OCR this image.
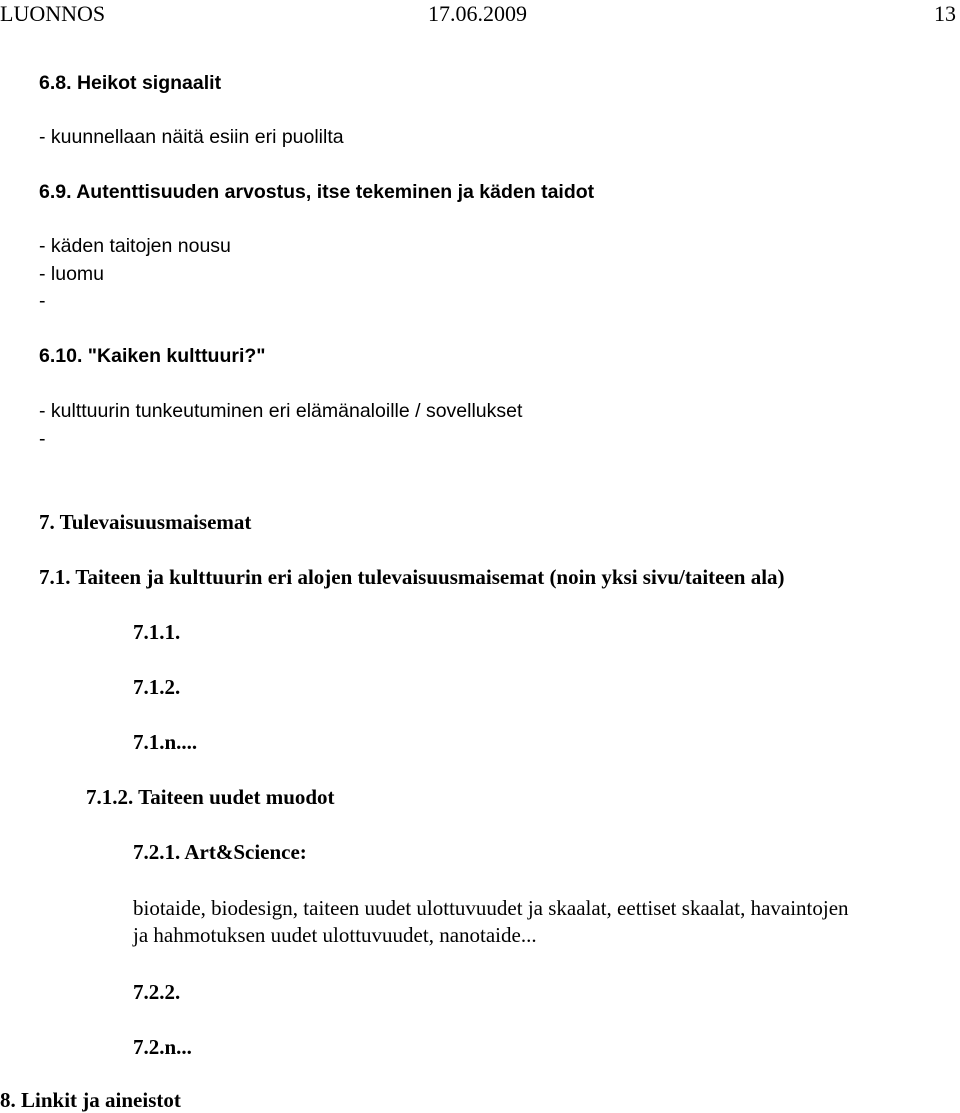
LUONNOS	17.06.2009	13
6.8. Heikot signaalit
- kuunnellaan näitä esiin eri puolilta
6.9. Autenttisuuden arvostus, itse tekeminen ja käden taidot
- käden taitojen nousu
- luomu
-
6.10. "Kaiken kulttuuri?"
- kulttuurin tunkeutuminen eri elämänaloille / sovellukset
-
7. Tulevaisuusmaisemat
7.1. Taiteen ja kulttuurin eri alojen tulevaisuusmaisemat (noin yksi sivu/taiteen ala)
7.1.1.
7.1.2.
7.1.n....
7.1.2. Taiteen uudet muodot
7.2.1. Art&Science:
biotaide, biodesign, taiteen uudet ulottuvuudet ja skaalat, eettiset skaalat, havaintojen
ja hahmotuksen uudet ulottuvuudet, nanotaide...
7.2.2.
7.2.n...
8. Linkit ja aineistot
